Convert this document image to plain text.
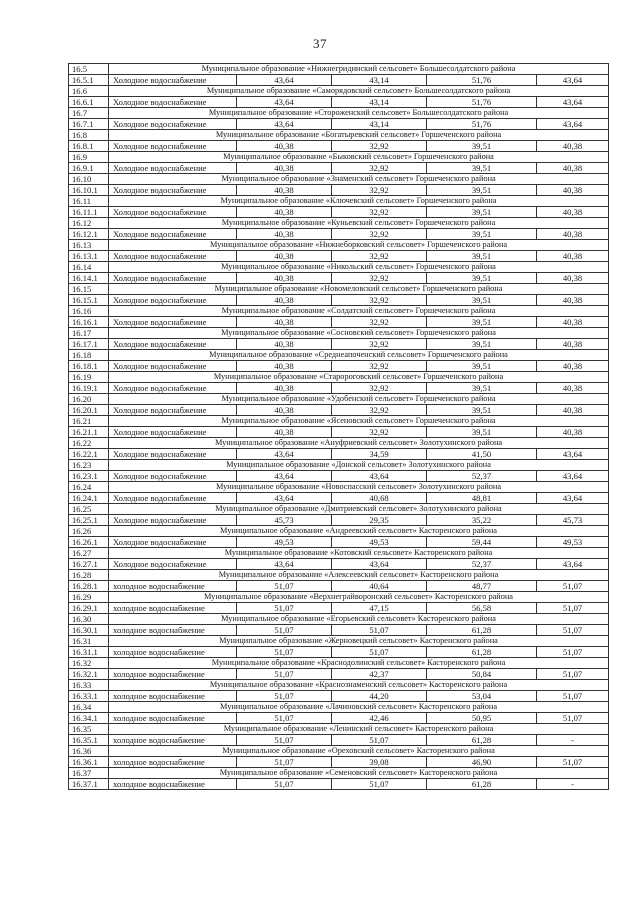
37
16.5	Муниципальное образование «Нижнегридинский сельсовет» Большесолдатского района				
16.5.1	Холодное водоснабжение	43,64	43,14	51,76	43,64
16.6	Муниципальное образование «Саморядовский сельсовет» Большесолдатского района				
16.6.1	Холодное водоснабжение	43,64	43,14	51,76	43,64
16.7	Муниципальное образование «Стороженский сельсовет» Большесолдатского района				
16.7.1	Холодное водоснабжение	43,64	43,14	51,76	43,64
16.8	Муниципальное образование «Богатыревский сельсовет» Горшеченского района				
16.8.1	Холодное водоснабжение	40,38	32,92	39,51	40,38
16.9	Муниципальное образование «Быковский сельсовет» Горшеченского района				
16.9.1	Холодное водоснабжение	40,38	32,92	39,51	40,38
16.10	Муниципальное образование «Знаменский сельсовет» Горшеченского района				
16.10.1	Холодное водоснабжение	40,38	32,92	39,51	40,38
16.11	Муниципальное образование «Ключевский сельсовет» Горшеченского района				
16.11.1	Холодное водоснабжение	40,38	32,92	39,51	40,38
16.12	Муниципальное образование «Куньевский сельсовет» Горшеченского района				
16.12.1	Холодное водоснабжение	40,38	32,92	39,51	40,38
16.13	Муниципальное образование «Нижнеборковский сельсовет» Горшеченского района				
16.13.1	Холодное водоснабжение	40,38	32,92	39,51	40,38
16.14	Муниципальное образование «Никольский сельсовет» Горшеченского района				
16.14.1	Холодное водоснабжение	40,38	32,92	39,51	40,38
16.15	Муниципальное образование «Новомеловский сельсовет» Горшеченского района				
16.15.1	Холодное водоснабжение	40,38	32,92	39,51	40,38
16.16	Муниципальное образование «Солдатский сельсовет» Горшеченского района				
16.16.1	Холодное водоснабжение	40,38	32,92	39,51	40,38
16.17	Муниципальное образование «Сосновский сельсовет» Горшеченского района				
16.17.1	Холодное водоснабжение	40,38	32,92	39,51	40,38
16.18	Муниципальное образование «Среднеапоченский сельсовет» Горшеченского района				
16.18.1	Холодное водоснабжение	40,38	32,92	39,51	40,38
16.19	Муниципальное образование «Старороговский сельсовет» Горшеченского района				
16.19.1	Холодное водоснабжение	40,38	32,92	39,51	40,38
16.20	Муниципальное образование «Удобенский сельсовет» Горшеченского района				
16.20.1	Холодное водоснабжение	40,38	32,92	39,51	40,38
16.21	Муниципальное образование «Ясеновский сельсовет» Горшеченского района				
16.21.1	Холодное водоснабжение	40,38	32,92	39,51	40,38
16.22	Муниципальное образование «Ануфриевский сельсовет» Золотухинского района				
16.22.1	Холодное водоснабжение	43,64	34,59	41,50	43,64
16.23	Муниципальное образование «Донской сельсовет» Золотухинского района				
16.23.1	Холодное водоснабжение	43,64	43,64	52,37	43,64
16.24	Муниципальное образование «Новоспасский сельсовет» Золотухинского района				
16.24.1	Холодное водоснабжение	43,64	40,68	48,81	43,64
16.25	Муниципальное образование «Дмитриевский сельсовет» Золотухинского района				
16.25.1	Холодное водоснабжение	45,73	29,35	35,22	45,73
16.26	Муниципальное образование «Андреевский сельсовет» Касторенского района				
16.26.1	Холодное водоснабжение	49,53	49,53	59,44	49,53
16.27	Муниципальное образование «Котовский сельсовет» Касторенского района				
16.27.1	Холодное водоснабжение	43,64	43,64	52,37	43,64
16.28	Муниципальное образование «Алексеевский сельсовет» Касторенского района				
16.28.1	холодное водоснабжение	51,07	40,64	48,77	51,07
16.29	Муниципальное образование «Верхнеграйворонский сельсовет» Касторенского района				
16.29.1	холодное водоснабжение	51,07	47,15	56,58	51,07
16.30	Муниципальное образование «Егорьевский сельсовет» Касторенского района				
16.30.1	холодное водоснабжение	51,07	51,07	61,28	51,07
16.31	Муниципальное образование «Жерновецкий сельсовет» Касторенского района				
16.31.1	холодное водоснабжение	51,07	51,07	61,28	51,07
16.32	Муниципальное образование «Краснодолинский сельсовет» Касторенского района				
16.32.1	холодное водоснабжение	51,07	42,37	50,84	51,07
16.33	Муниципальное образование «Краснознаменский сельсовет» Касторенского района				
16.33.1	холодное водоснабжение	51,07	44,20	53,04	51,07
16.34	Муниципальное образование «Лачиновский сельсовет» Касторенского района				
16.34.1	холодное водоснабжение	51,07	42,46	50,95	51,07
16.35	Муниципальное образование «Ленинский сельсовет» Касторенского района				
16.35.1	холодное водоснабжение	51,07	51,07	61,28	-
16.36	Муниципальное образование «Ореховский сельсовет» Касторенского района				
16.36.1	холодное водоснабжение	51,07	39,08	46,90	51,07
16.37	Муниципальное образование «Семеновский сельсовет» Касторенского района				
16.37.1	холодное водоснабжение	51,07	51,07	61,28	-
